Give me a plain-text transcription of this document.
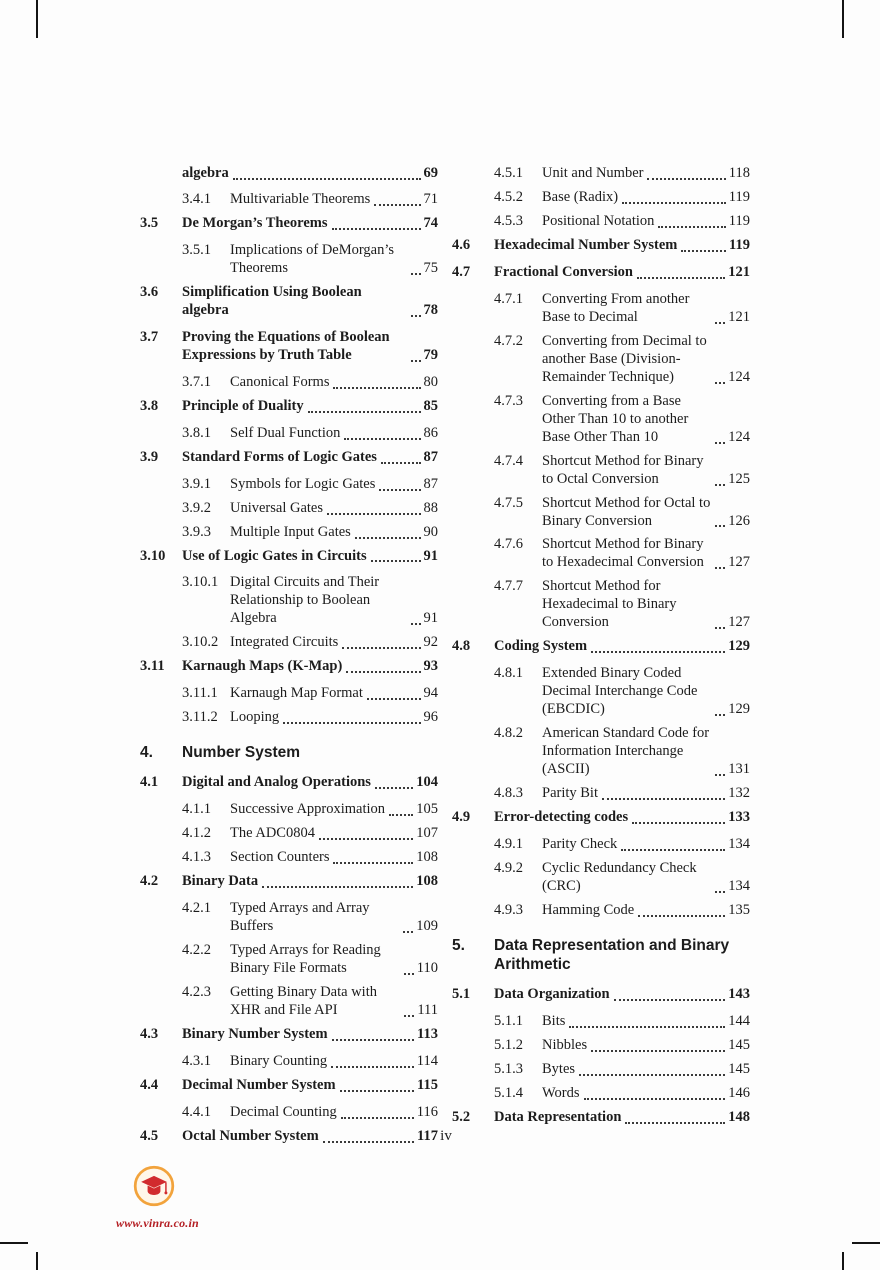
algebra	69
3.4.1	Multivariable Theorems	71
3.5	De Morgan’s Theorems	74
3.5.1	Implications of DeMorgan’s Theorems	75
3.6	Simplification Using Boolean algebra	78
3.7	Proving the Equations of Boolean Expressions by Truth Table	79
3.7.1	Canonical Forms	80
3.8	Principle of Duality	85
3.8.1	Self Dual Function	86
3.9	Standard Forms of Logic Gates	87
3.9.1	Symbols for Logic Gates	87
3.9.2	Universal Gates	88
3.9.3	Multiple Input Gates	90
3.10	Use of Logic Gates in Circuits	91
3.10.1 Digital Circuits and Their Relationship to Boolean Algebra	91
3.10.2 Integrated Circuits	92
3.11	Karnaugh Maps (K-Map)	93
3.11.1 Karnaugh Map Format	94
3.11.2 Looping	96
4.	Number System
4.1	Digital and Analog Operations	104
4.1.1	Successive Approximation 105
4.1.2	The ADC0804	107
4.1.3	Section Counters	108
4.2	Binary Data	108
4.2.1	Typed Arrays and Array Buffers	109
4.2.2	Typed Arrays for Reading Binary File Formats	110
4.2.3	Getting Binary Data with XHR and File API	111
4.3	Binary Number System	113
4.3.1	Binary Counting	114
4.4	Decimal Number System	115
4.4.1	Decimal Counting	116
4.5	Octal Number System	117
4.5.1	Unit and Number	118
4.5.2	Base (Radix)	119
4.5.3	Positional Notation	119
4.6	Hexadecimal Number System	119
4.7	Fractional Conversion	121
4.7.1	Converting From another Base to Decimal	121
4.7.2	Converting from Decimal to another Base (Division-Remainder Technique)	124
4.7.3	Converting from a Base Other Than 10 to another Base Other Than 10	124
4.7.4	Shortcut Method for Binary to Octal Conversion	125
4.7.5	Shortcut Method for Octal to Binary Conversion	126
4.7.6	Shortcut Method for Binary to Hexadecimal Conversion	127
4.7.7	Shortcut Method for Hexadecimal to Binary Conversion	127
4.8	Coding System	129
4.8.1	Extended Binary Coded Decimal Interchange Code (EBCDIC)	129
4.8.2	American Standard Code for Information Interchange (ASCII)	131
4.8.3	Parity Bit	132
4.9	Error-detecting codes	133
4.9.1	Parity Check	134
4.9.2	Cyclic Redundancy Check (CRC)	134
4.9.3	Hamming Code	135
5.	Data Representation and Binary Arithmetic
5.1	Data Organization	143
5.1.1	Bits	144
5.1.2	Nibbles	145
5.1.3	Bytes	145
5.1.4	Words	146
5.2	Data Representation	148
iv
www.vinra.co.in
